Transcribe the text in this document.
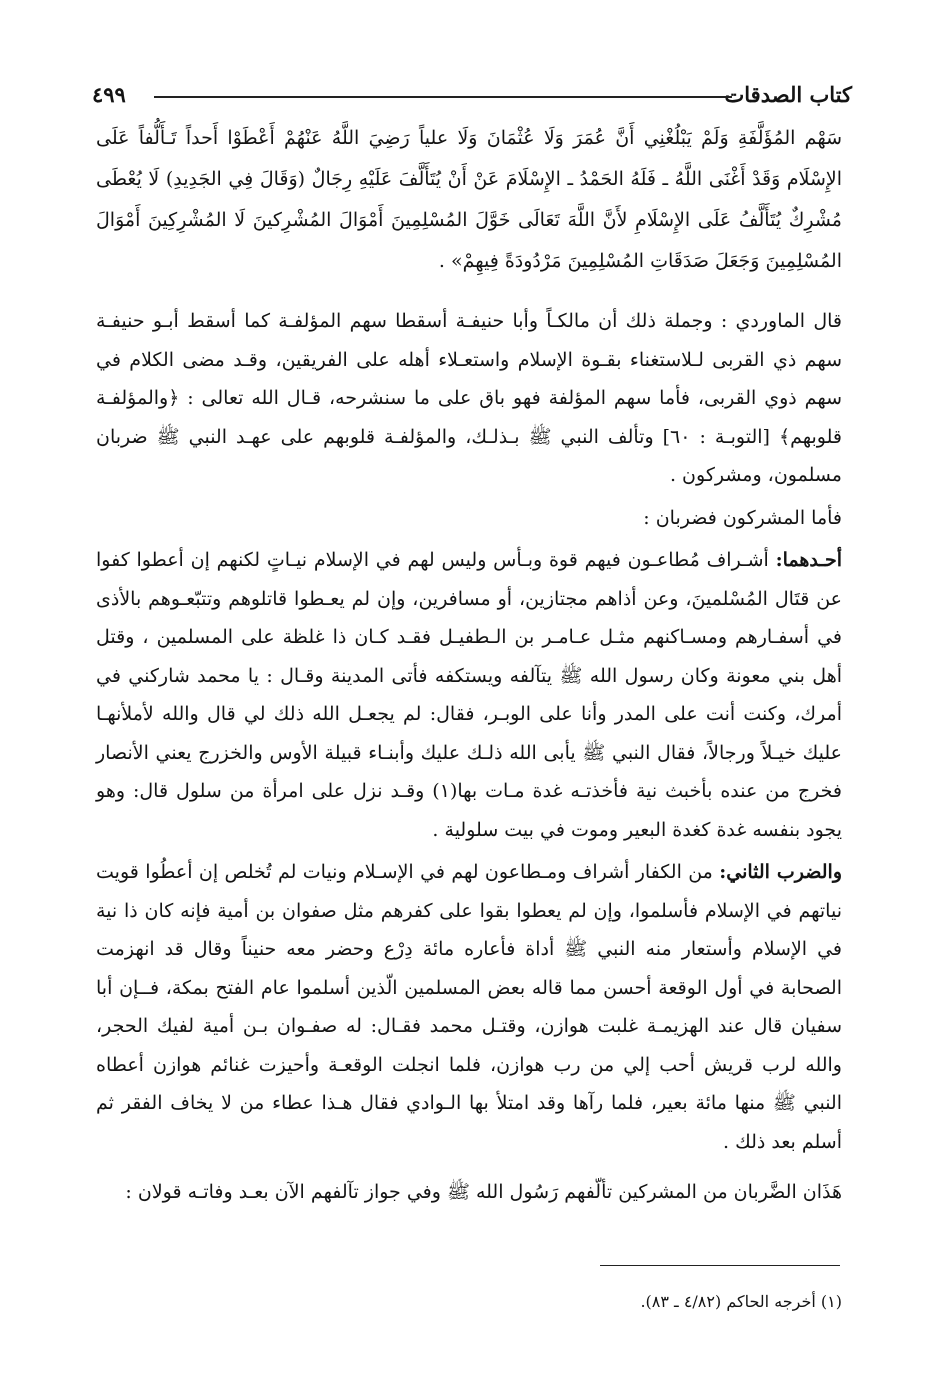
كتاب الصدقات
٤٩٩

سَهْم المُؤَلَّفَةِ وَلَمْ يَبْلُغْنِي أَنَّ عُمَرَ وَلَا عُثْمَانَ وَلَا علياً رَضِيَ اللَّهُ عَنْهُمْ أَعْطَوْا أَحداً تَـأَلُّفاً عَلَى الإِسْلَام وَقَدْ أَغْنَى اللَّهُ ـ فَلَهُ الحَمْدُ ـ الإِسْلَامَ عَنْ أَنْ يُتَأَلَّفَ عَلَيْهِ رِجَالٌ (وَقَالَ فِي الجَدِيدِ) لَا يُعْطَى مُشْرِكٌ يُتَأَلَّفُ عَلَى الإِسْلَامِ لأَنَّ اللَّهَ تَعَالَى خَوَّلَ المُسْلِمِينَ أَمْوَالَ المُشْرِكينَ لَا المُشْرِكِينَ أَمْوَالَ المُسْلِمِينَ وَجَعَلَ صَدَقَاتِ المُسْلِمِينَ مَرْدُودَةً فِيهِمْ» .

قال الماوردي : وجملة ذلك أن مالكـاً وأبا حنيفـة أسقطا سهم المؤلفـة كما أسقط أبـو حنيفـة سهم ذي القربى لـلاستغناء بقـوة الإسلام واستعـلاء أهله على الفريقين، وقـد مضى الكلام في سهم ذوي القربى، فأما سهم المؤلفة فهو باق على ما سنشرحه، قـال الله تعالى : ﴿والمؤلفـة قلوبهم﴾ [التوبـة : ٦٠] وتألف النبي ﷺ بـذلـك، والمؤلفـة قلوبهم على عهـد النبي ﷺ ضربان مسلمون، ومشركون .

فأما المشركون فضربان :

أحـدهما: أشـراف مُطاعـون فيهم قوة وبـأس وليس لهم في الإسلام نيـاتٍ لكنهم إن أعطوا كفوا عن قتَال المُسْلمينَ، وعن أذاهم مجتازين، أو مسافرين، وإن لم يعـطوا قاتلوهم وتتبّعـوهم بالأذى في أسفـارهم ومسـاكنهم مثـل عـامـر بن الـطفيـل فقـد كـان ذا غلظة على المسلمين ، وقتل أهل بني معونة وكان رسول الله ﷺ يتآلفه ويستكفه فأتى المدينة وقـال : يا محمد شاركني في أمرك، وكنت أنت على المدر وأنا على الوبـر، فقال: لم يجعـل الله ذلك لي قال والله لأملأنهـا عليك خيـلاً ورجالاً، فقال النبي ﷺ يأبى الله ذلـك عليك وأبنـاء قبيلة الأوس والخزرج يعني الأنصار فخرج من عنده بأخبث نية فأخذتـه غدة مـات بها(١) وقـد نزل على امرأة من سلول قال: وهو يجود بنفسه غدة كغدة البعير وموت في بيت سلولية .

والضرب الثاني: من الكفار أشراف ومـطاعون لهم في الإسـلام ونيات لم تُخلص إن أعطُوا قويت نياتهم في الإسلام فأسلموا، وإن لم يعطوا بقوا على كفرهم مثل صفوان بن أمية فإنه كان ذا نية في الإسلام وأستعار منه النبي ﷺ أداة فأعاره مائة دِرْع وحضر معه حنيناً وقال قد انهزمت الصحابة في أول الوقعة أحسن مما قاله بعض المسلمين الّذين أسلموا عام الفتح بمكة، فــإن أبا سفيان قال عند الهزيمـة غلبت هوازن، وقتـل محمد فقـال: له صفـوان بـن أمية لفيك الحجر، والله لرب قريش أحب إلي من رب هوازن، فلما انجلت الوقعـة وأحيزت غنائم هوازن أعطاه النبي ﷺ منها مائة بعير، فلما رآها وقد امتلأ بها الـوادي فقال هـذا عطاء من لا يخاف الفقر ثم أسلم بعد ذلك .

هَذَان الضَّربان من المشركين تألّفهم رَسُول الله ﷺ وفي جواز تآلفهم الآن بعـد وفاتـه قولان :

(١) أخرجه الحاكم (٤/٨٢ ـ ٨٣).
